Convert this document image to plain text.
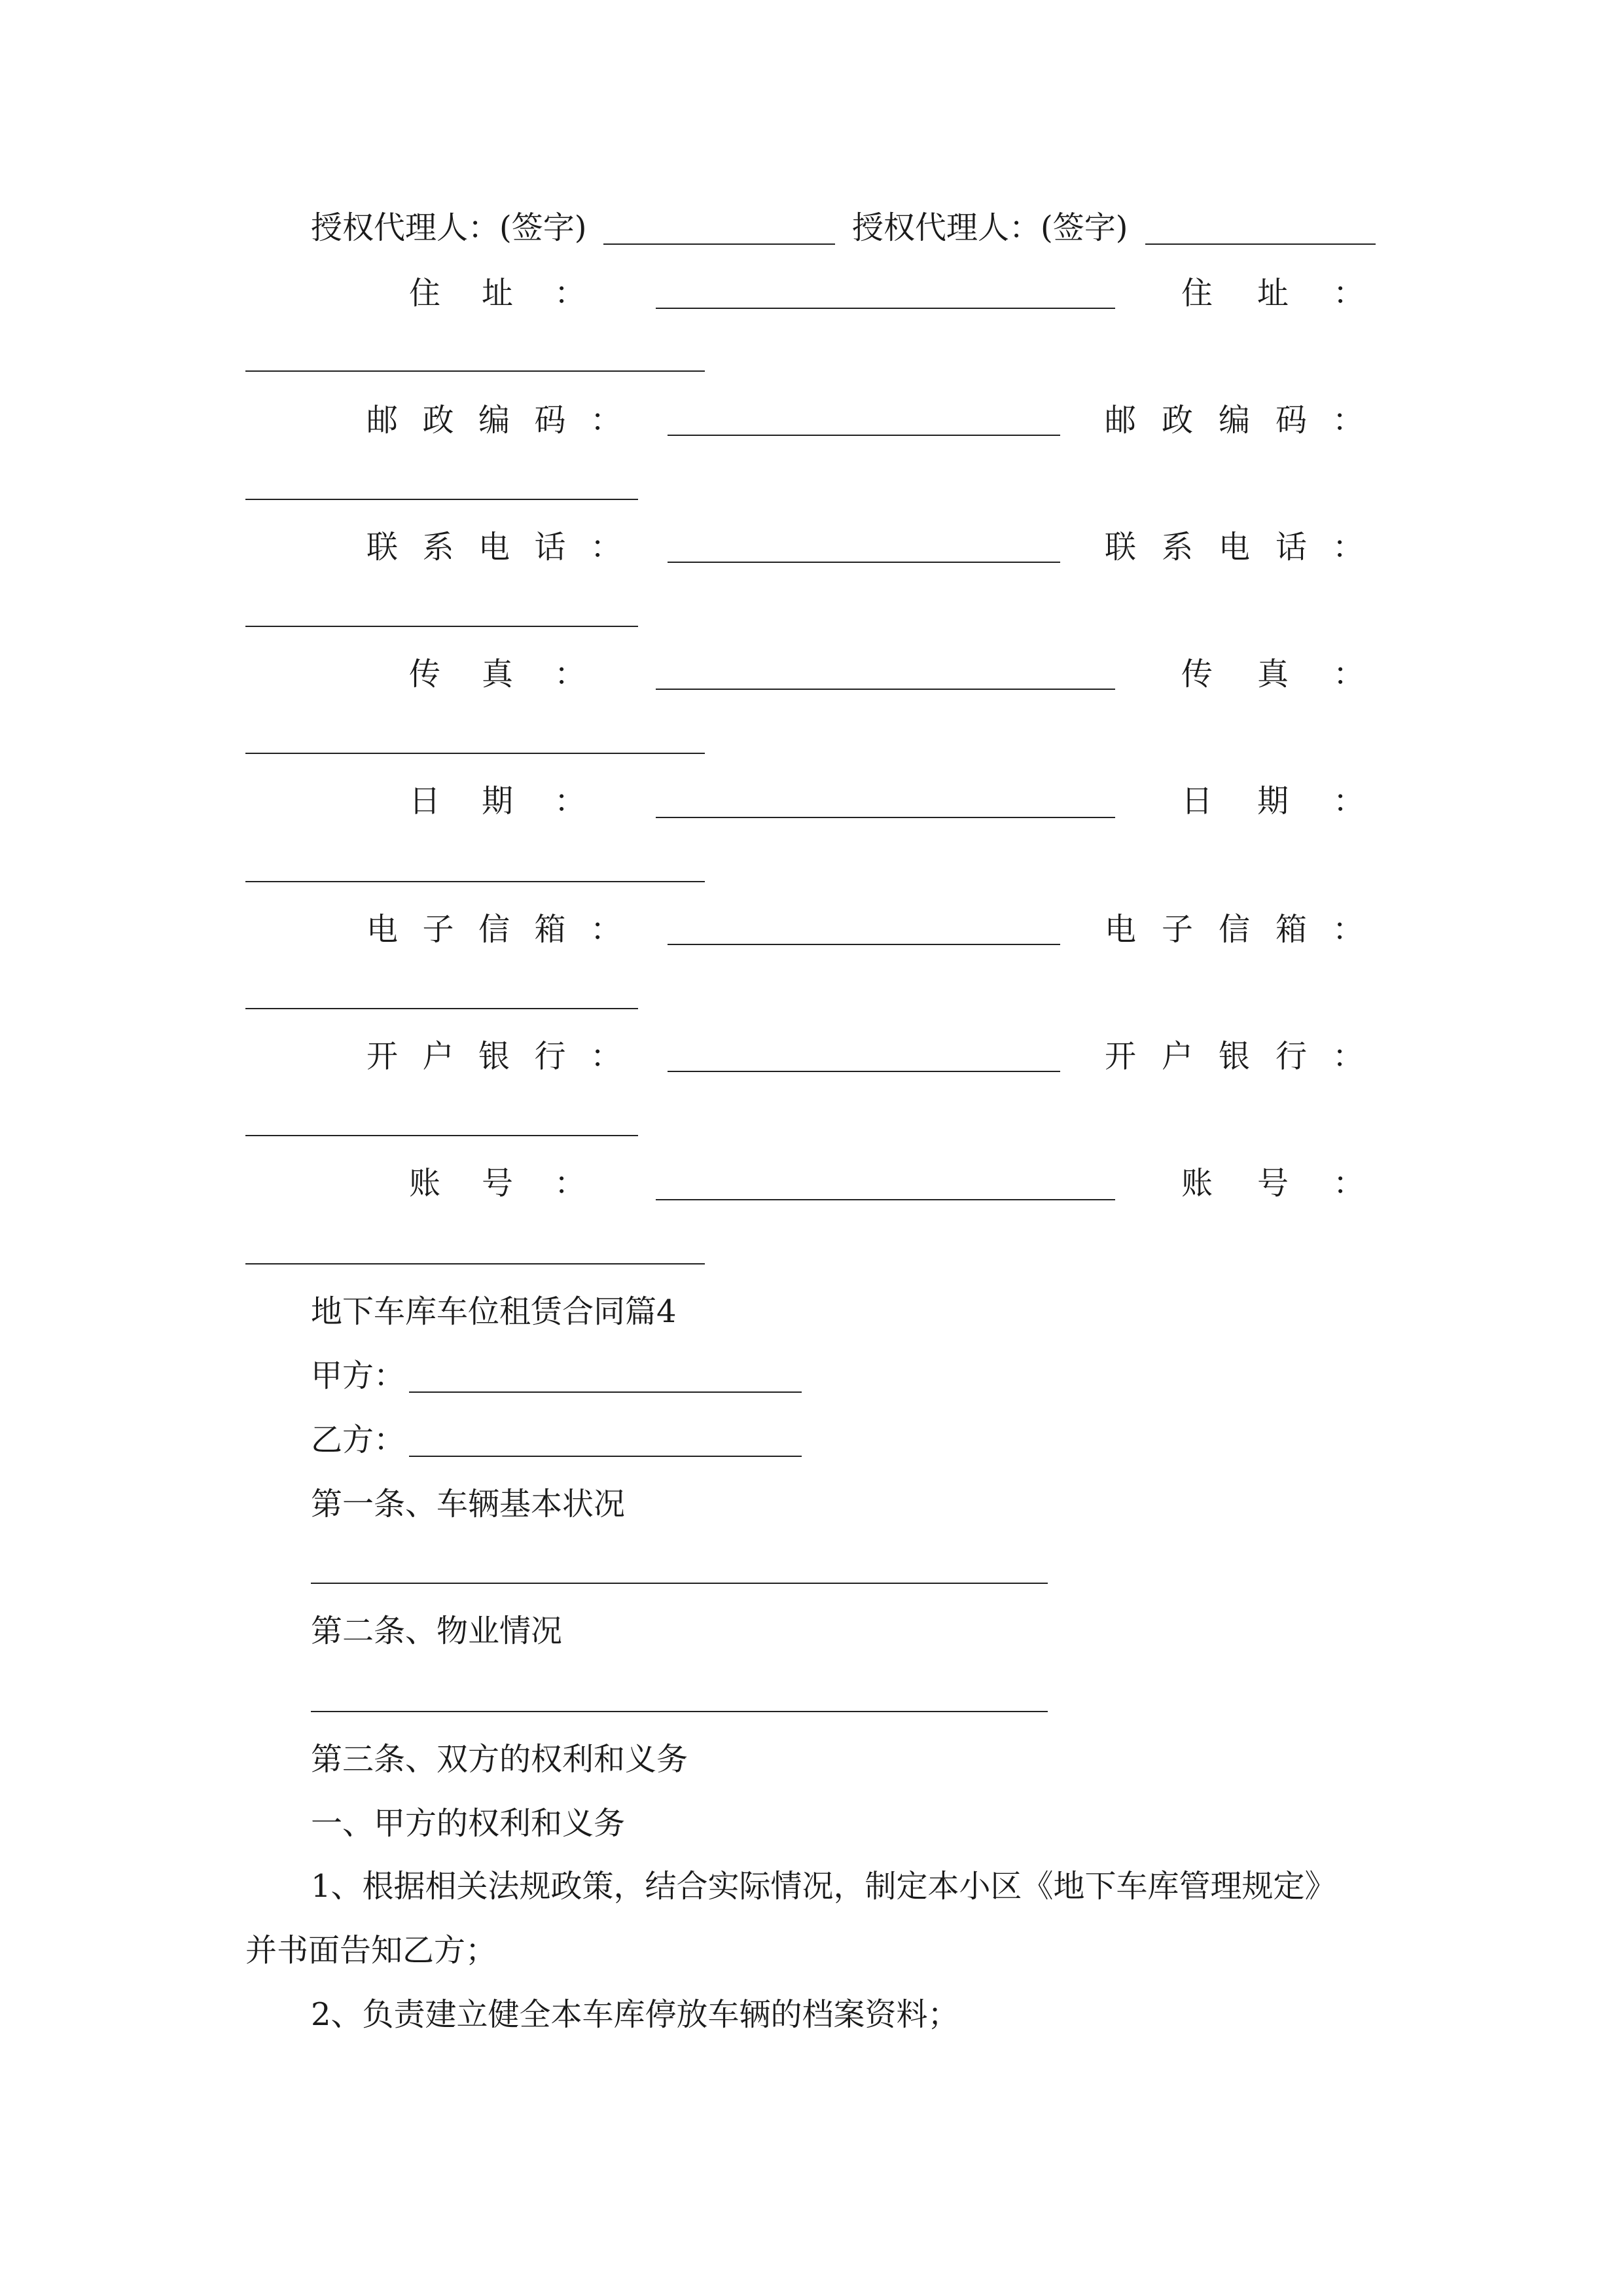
授权代理人：(签字)	授权代理人：(签字)
住 址 ：	住 址 ：
邮 政 编 码 ：	邮 政 编 码 ：
联 系 电 话 ：	联 系 电 话 ：
传 真 ：	传 真 ：
日 期 ：	日 期 ：
电 子 信 箱 ：	电 子 信 箱 ：
开 户 银 行 ：	开 户 银 行 ：
账 号 ：	账 号 ：
地下车库车位租赁合同篇4
甲方：
乙方：
第一条、车辆基本状况
第二条、物业情况
第三条、双方的权利和义务
一、甲方的权利和义务
1、根据相关法规政策，结合实际情况，制定本小区《地下车库管理规定》
并书面告知乙方；
2、负责建立健全本车库停放车辆的档案资料；
